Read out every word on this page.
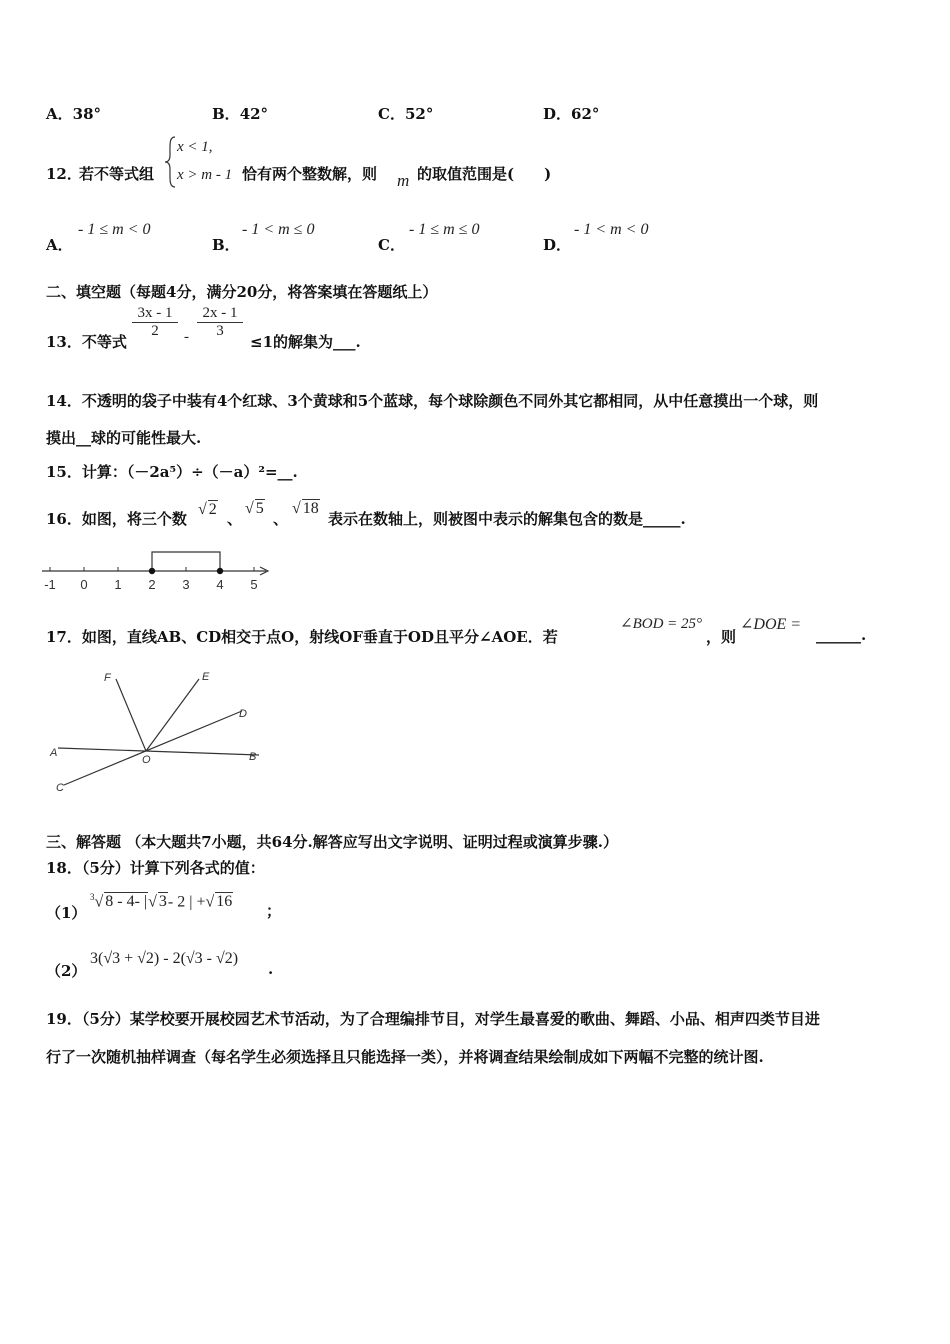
A．38°	B．42°	C．52°	D．62°
12．
若不等式组
x < 1,
x > m - 1 恰有两个整数解，则 m 的取值范围是(　　)
A．
- 1 ≤ m < 0
B．
- 1 < m ≤ 0
C．
- 1 ≤ m ≤ 0
D．
- 1 < m < 0
二、填空题（每题4分，满分20分，将答案填在答题纸上）
13．不等式
$\frac{3x - 1}{2} - \frac{2x - 1}{3}$
≤1的解集为___.
14．不透明的袋子中装有4个红球、3个黄球和5个蓝球，每个球除颜色不同外其它都相同，从中任意摸出一个球，则
摸出__球的可能性最大.
15．计算：（－2a⁵）÷（－a）²=__.
16．如图，将三个数
√ 2
、
√ 5
、
√ 18
表示在数轴上，则被图中表示的解集包含的数是_____.
-1 0 1 2 3 4 5
17．如图，直线AB、CD相交于点O，射线OF垂直于OD且平分∠AOE．若
∠BOD = 25°
，则
∠DOE =
______.
F	E
D
A
O	B
C
三、解答题 （本大题共7小题，共64分.解答应写出文字说明、证明过程或演算步骤.）
18．（5分）计算下列各式的值：
（1）
$^3$√ 8 - 4- |√ 3- 2 | +√ 16
；
（2）
3(√3 + √2) - 2(√3 - √2)
.
19．（5分）某学校要开展校园艺术节活动，为了合理编排节目，对学生最喜爱的歌曲、舞蹈、小品、相声四类节目进
行了一次随机抽样调查（每名学生必须选择且只能选择一类），并将调查结果绘制成如下两幅不完整的统计图.
